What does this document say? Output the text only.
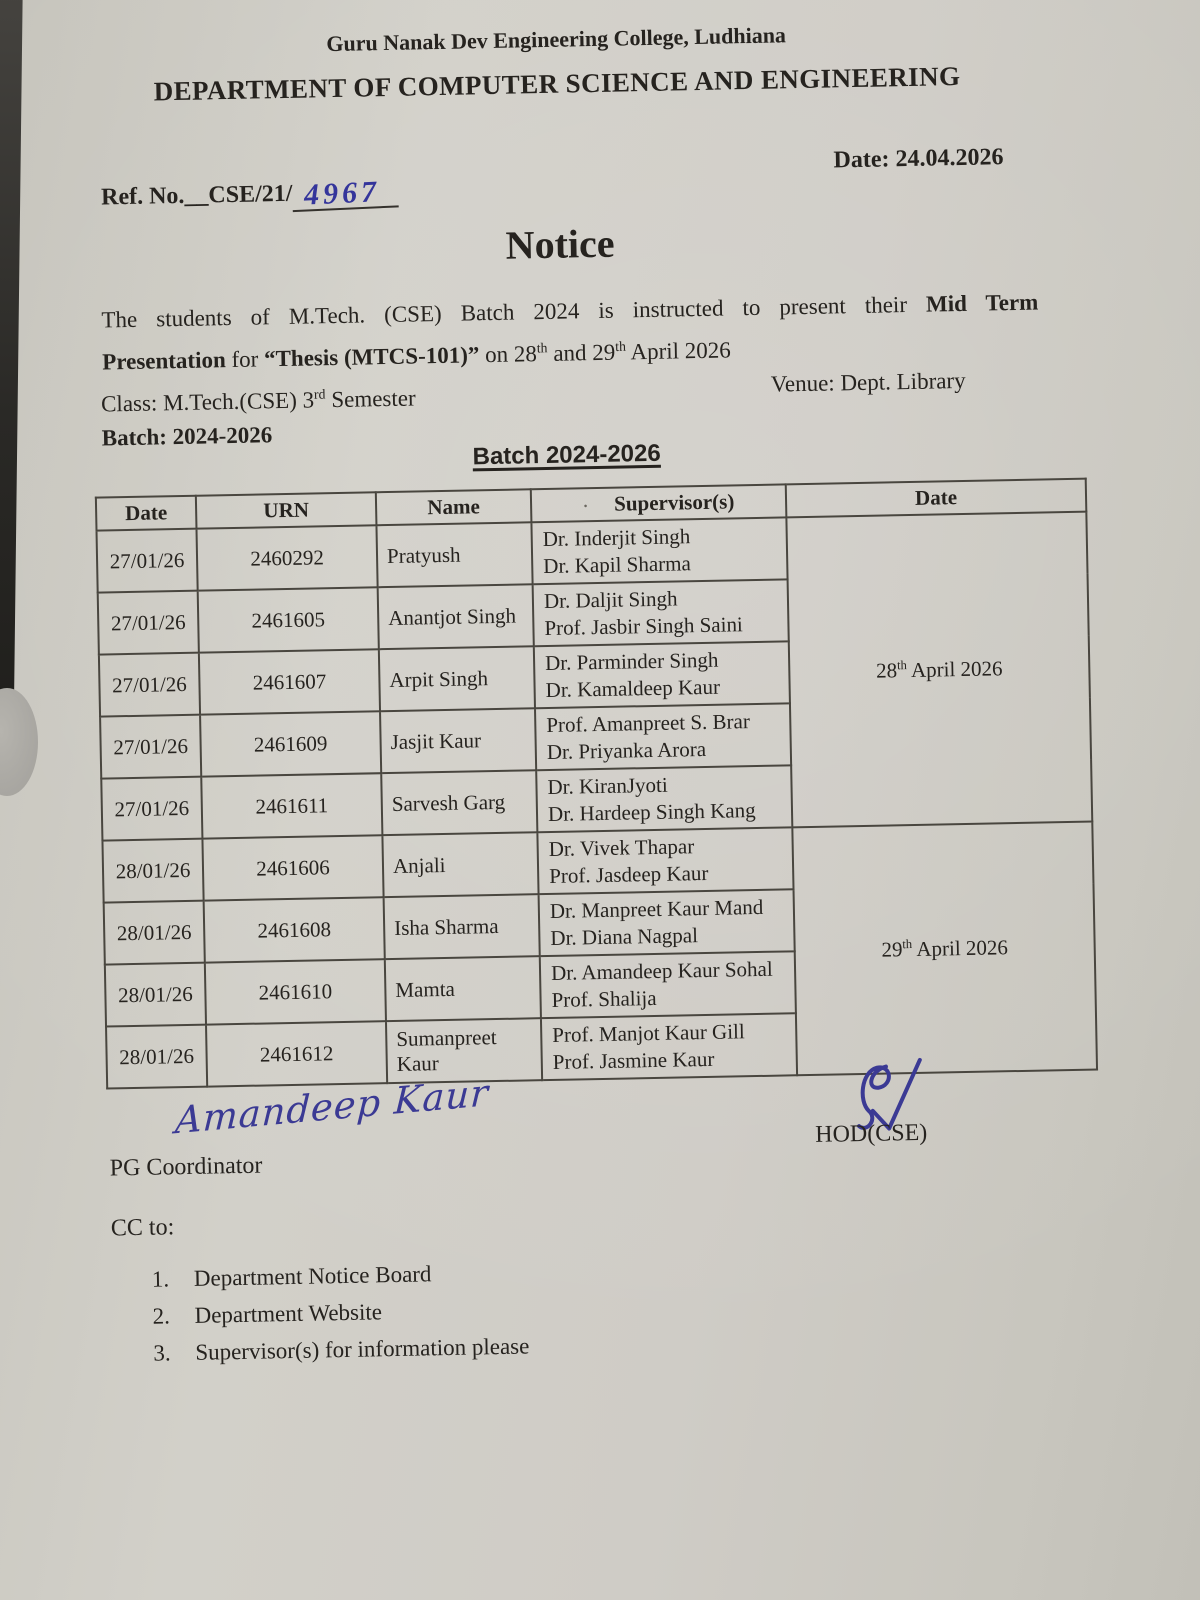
Guru Nanak Dev Engineering College, Ludhiana
DEPARTMENT OF COMPUTER SCIENCE AND ENGINEERING
Date: 24.04.2026
Ref. No.__CSE/21/ 4967
Notice
The students of M.Tech. (CSE) Batch 2024 is instructed to present their Mid Term
Presentation for “Thesis (MTCS-101)” on 28th and 29th April 2026
Class: M.Tech.(CSE) 3rd Semester
Venue: Dept. Library
Batch: 2024-2026
Batch 2024-2026
Date	URN	Name	· Supervisor(s)	Date
27/01/26	2460292	Pratyush	Dr. Inderjit Singh
Dr. Kapil Sharma	28th April 2026
27/01/26	2461605	Anantjot Singh	Dr. Daljit Singh
Prof. Jasbir Singh Saini	

27/01/26	2461607	Arpit Singh	Dr. Parminder Singh
Dr. Kamaldeep Kaur	

27/01/26	2461609	Jasjit Kaur	Prof. Amanpreet S. Brar
Dr. Priyanka Arora	

27/01/26	2461611	Sarvesh Garg	Dr. KiranJyoti
Dr. Hardeep Singh Kang	

28/01/26	2461606	Anjali	Dr. Vivek Thapar
Prof. Jasdeep Kaur	29th April 2026
28/01/26	2461608	Isha Sharma	Dr. Manpreet Kaur Mand
Dr. Diana Nagpal	

28/01/26	2461610	Mamta	Dr. Amandeep Kaur Sohal
Prof. Shalija	

28/01/26	2461612	Sumanpreet Kaur	Prof. Manjot Kaur Gill
Prof. Jasmine Kaur	
Amandeep Kaur
PG Coordinator
HOD(CSE)
CC to:
1.	Department Notice Board
2.	Department Website
3.	Supervisor(s) for information please
